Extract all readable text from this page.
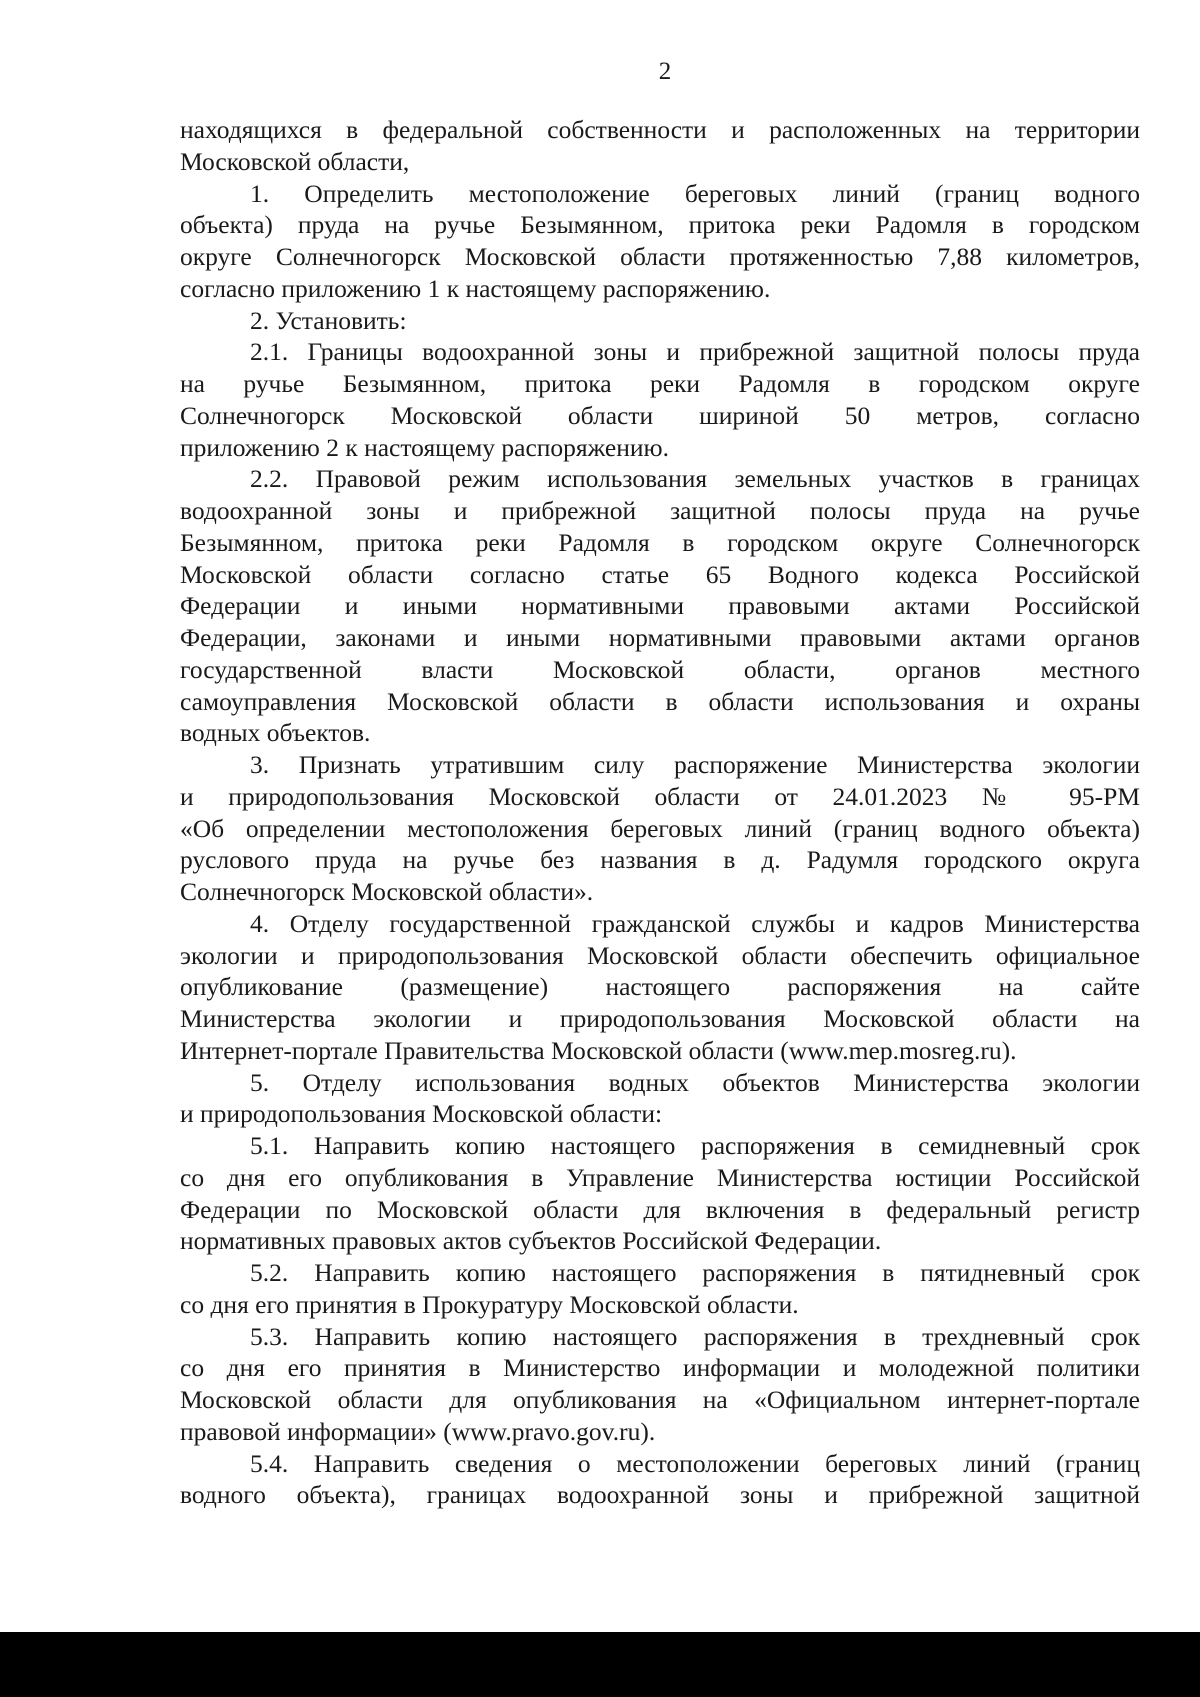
2
находящихся в федеральной собственности и расположенных на территории
Московской области,
1. Определить местоположение береговых линий (границ водного
объекта) пруда на ручье Безымянном, притока реки Радомля в городском
округе Солнечногорск Московской области протяженностью 7,88 километров,
согласно приложению 1 к настоящему распоряжению.
2. Установить:
2.1. Границы водоохранной зоны и прибрежной защитной полосы пруда
на ручье Безымянном, притока реки Радомля в городском округе
Солнечногорск Московской области шириной 50 метров, согласно
приложению 2 к настоящему распоряжению.
2.2. Правовой режим использования земельных участков в границах
водоохранной зоны и прибрежной защитной полосы пруда на ручье
Безымянном, притока реки Радомля в городском округе Солнечногорск
Московской области согласно статье 65 Водного кодекса Российской
Федерации и иными нормативными правовыми актами Российской
Федерации, законами и иными нормативными правовыми актами органов
государственной власти Московской области, органов местного
самоуправления Московской области в области использования и охраны
водных объектов.
3. Признать утратившим силу распоряжение Министерства экологии
и природопользования Московской области от 24.01.2023 № 95-РМ
«Об определении местоположения береговых линий (границ водного объекта)
руслового пруда на ручье без названия в д. Радумля городского округа
Солнечногорск Московской области».
4. Отделу государственной гражданской службы и кадров Министерства
экологии и природопользования Московской области обеспечить официальное
опубликование (размещение) настоящего распоряжения на сайте
Министерства экологии и природопользования Московской области на
Интернет-портале Правительства Московской области (www.mep.mosreg.ru).
5. Отделу использования водных объектов Министерства экологии
и природопользования Московской области:
5.1. Направить копию настоящего распоряжения в семидневный срок
со дня его опубликования в Управление Министерства юстиции Российской
Федерации по Московской области для включения в федеральный регистр
нормативных правовых актов субъектов Российской Федерации.
5.2. Направить копию настоящего распоряжения в пятидневный срок
со дня его принятия в Прокуратуру Московской области.
5.3. Направить копию настоящего распоряжения в трехдневный срок
со дня его принятия в Министерство информации и молодежной политики
Московской области для опубликования на «Официальном интернет-портале
правовой информации» (www.pravo.gov.ru).
5.4. Направить сведения о местоположении береговых линий (границ
водного объекта), границах водоохранной зоны и прибрежной защитной
